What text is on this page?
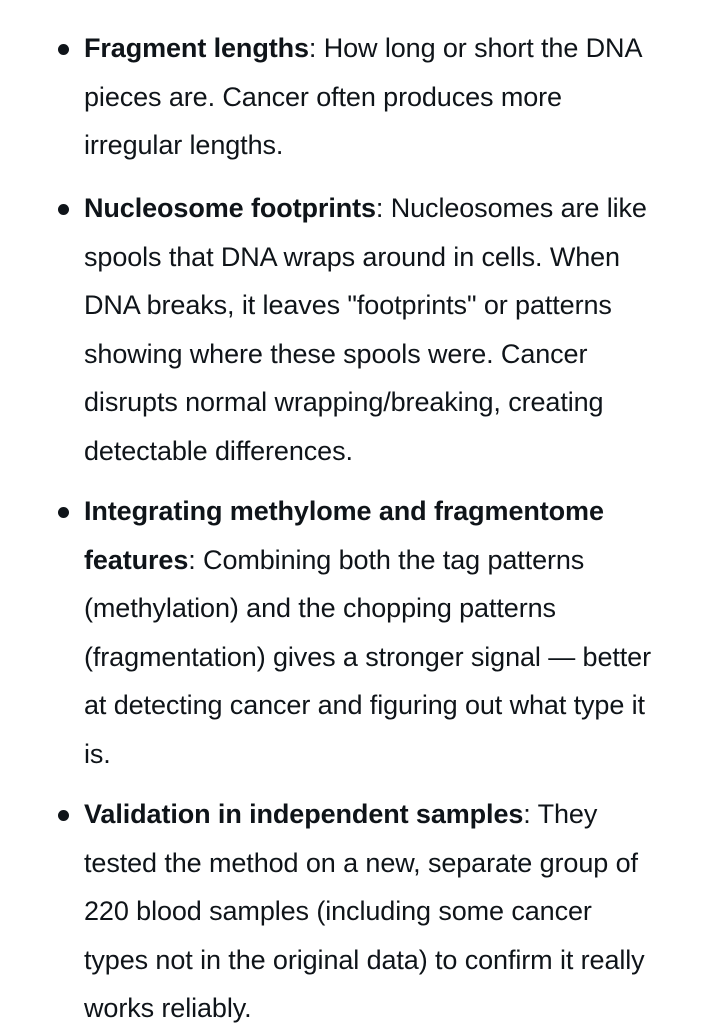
Fragment lengths: How long or short the DNA
pieces are. Cancer often produces more
irregular lengths.
Nucleosome footprints: Nucleosomes are like
spools that DNA wraps around in cells. When
DNA breaks, it leaves "footprints" or patterns
showing where these spools were. Cancer
disrupts normal wrapping/breaking, creating
detectable differences.
Integrating methylome and fragmentome
features: Combining both the tag patterns
(methylation) and the chopping patterns
(fragmentation) gives a stronger signal — better
at detecting cancer and figuring out what type it
is.
Validation in independent samples: They
tested the method on a new, separate group of
220 blood samples (including some cancer
types not in the original data) to confirm it really
works reliably.
